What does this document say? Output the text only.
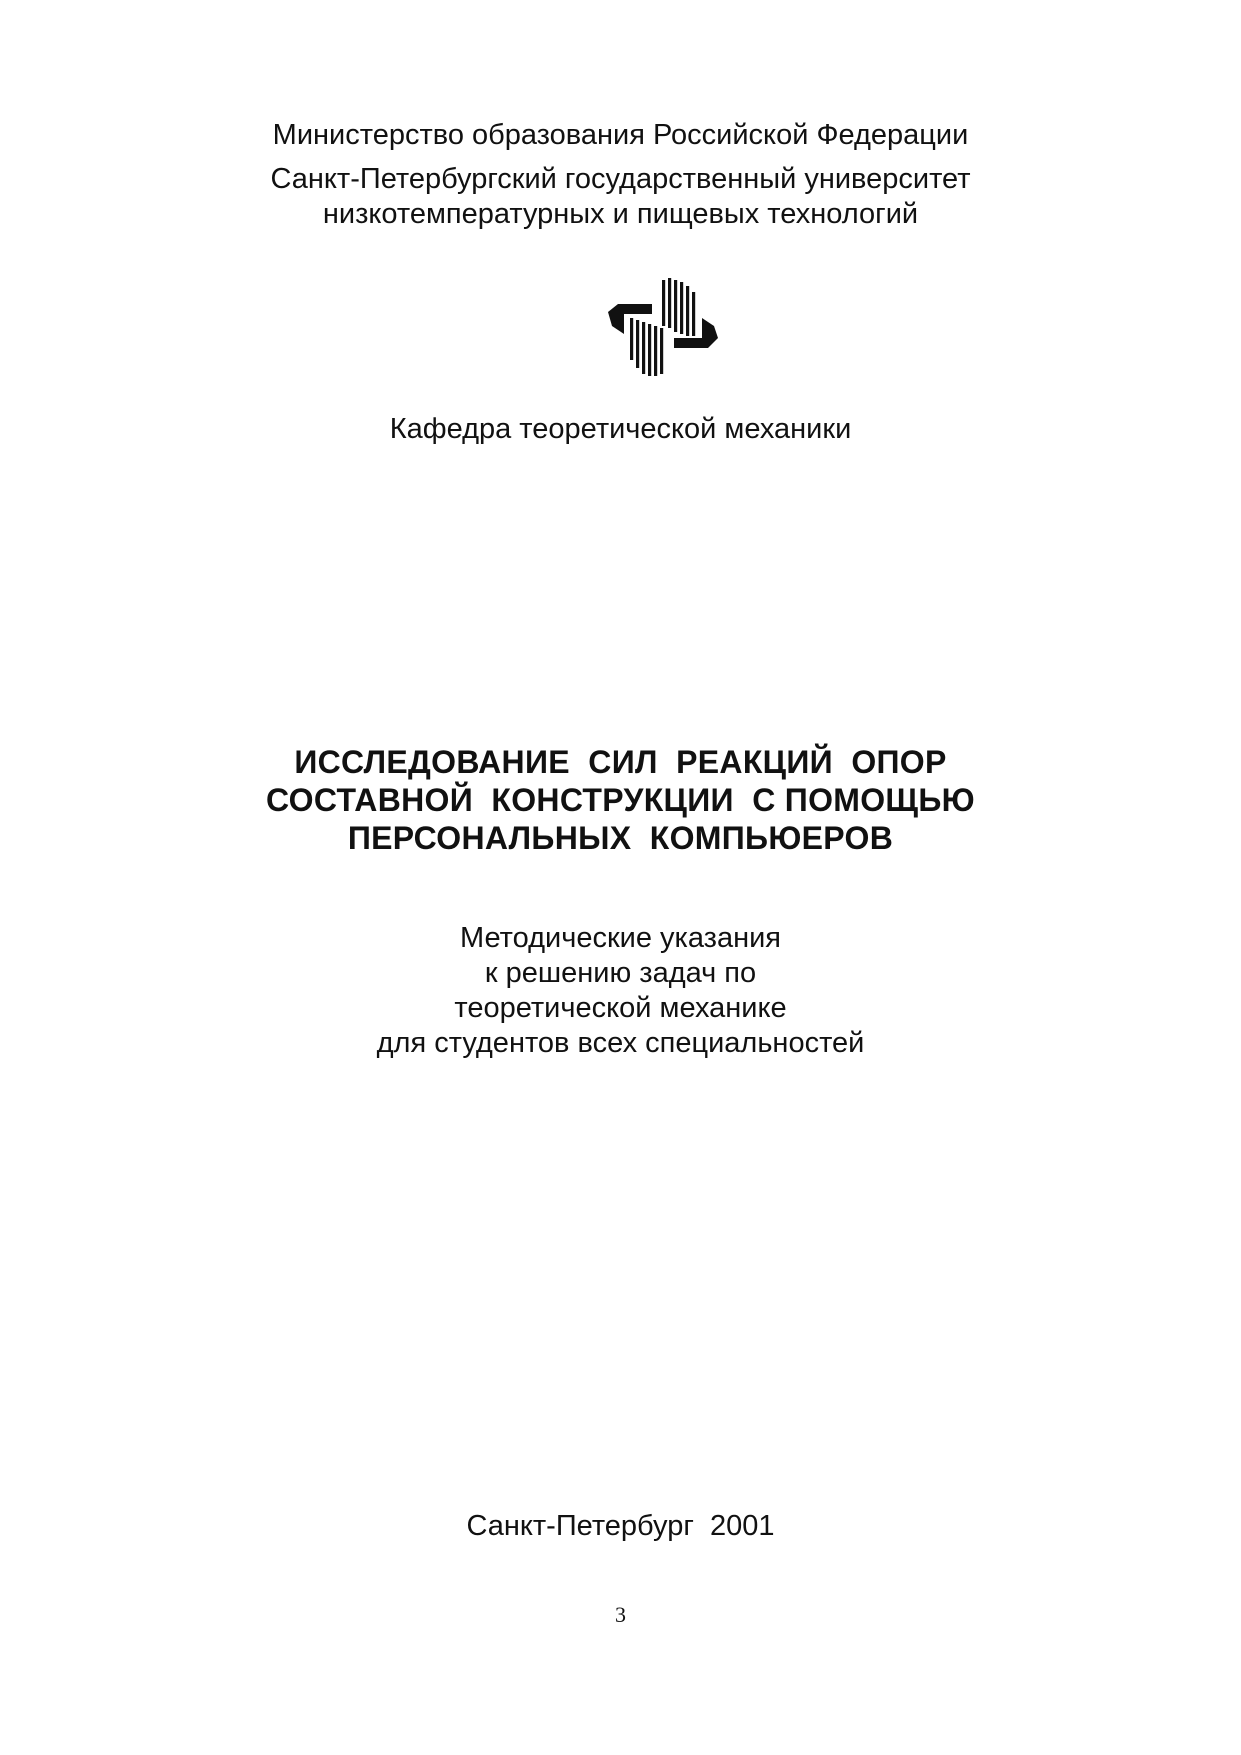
Министерство образования Российской Федерации
Санкт-Петербургский государственный университет
низкотемпературных и пищевых технологий
Кафедра теоретической механики
ИССЛЕДОВАНИЕ  СИЛ  РЕАКЦИЙ  ОПОР
СОСТАВНОЙ  КОНСТРУКЦИИ  С ПОМОЩЬЮ
ПЕРСОНАЛЬНЫХ  КОМПЬЮЕРОВ
Методические указания
к решению задач по
теоретической механике
для студентов всех специальностей
Санкт-Петербург  2001
3
